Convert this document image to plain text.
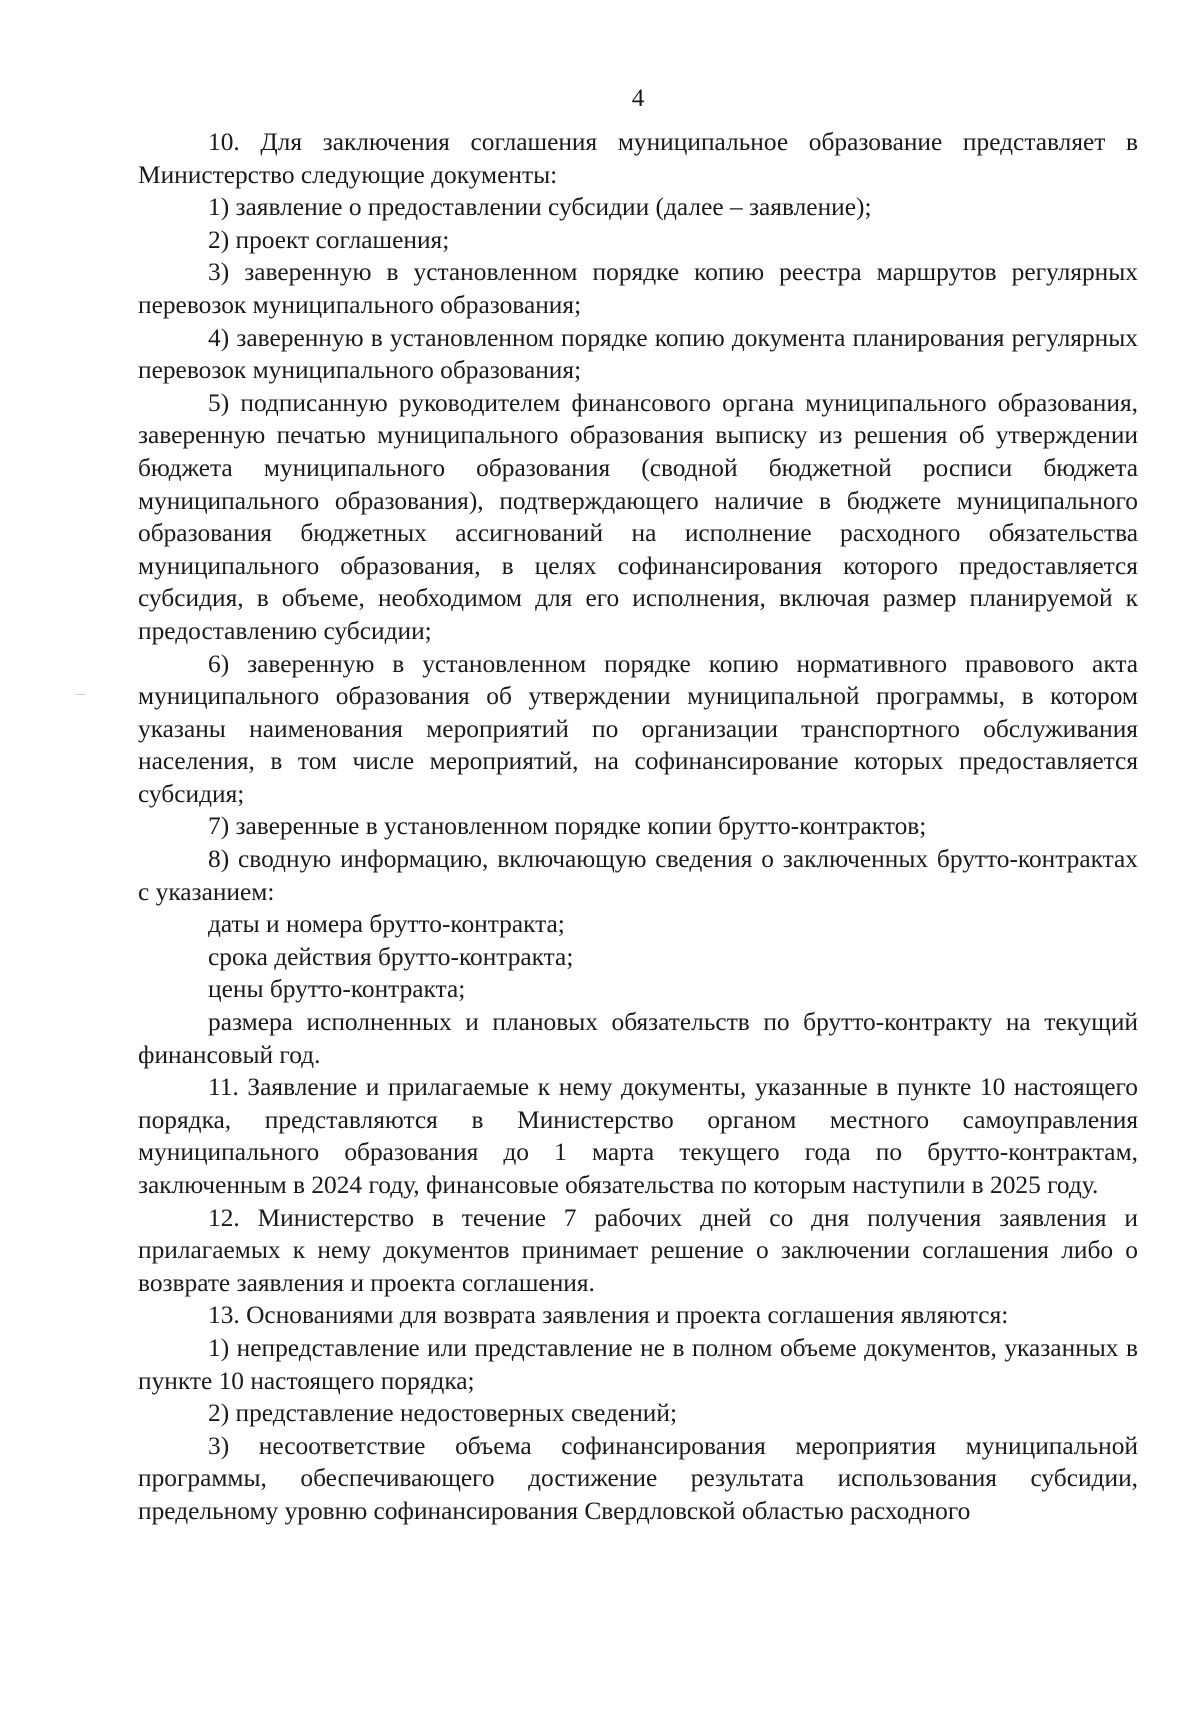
4

10. Для заключения соглашения муниципальное образование представляет в Министерство следующие документы:

1) заявление о предоставлении субсидии (далее – заявление);

2) проект соглашения;

3) заверенную в установленном порядке копию реестра маршрутов регулярных перевозок муниципального образования;

4) заверенную в установленном порядке копию документа планирования регулярных перевозок муниципального образования;

5) подписанную руководителем финансового органа муниципального образования, заверенную печатью муниципального образования выписку из решения об утверждении бюджета муниципального образования (сводной бюджетной росписи бюджета муниципального образования), подтверждающего наличие в бюджете муниципального образования бюджетных ассигнований на исполнение расходного обязательства муниципального образования, в целях софинансирования которого предоставляется субсидия, в объеме, необходимом для его исполнения, включая размер планируемой к предоставлению субсидии;

6) заверенную в установленном порядке копию нормативного правового акта муниципального образования об утверждении муниципальной программы, в котором указаны наименования мероприятий по организации транспортного обслуживания населения, в том числе мероприятий, на софинансирование которых предоставляется субсидия;

7) заверенные в установленном порядке копии брутто-контрактов;

8) сводную информацию, включающую сведения о заключенных брутто-контрактах с указанием:

даты и номера брутто-контракта;

срока действия брутто-контракта;

цены брутто-контракта;

размера исполненных и плановых обязательств по брутто-контракту на текущий финансовый год.

11. Заявление и прилагаемые к нему документы, указанные в пункте 10 настоящего порядка, представляются в Министерство органом местного самоуправления муниципального образования до 1 марта текущего года по брутто-контрактам, заключенным в 2024 году, финансовые обязательства по которым наступили в 2025 году.

12. Министерство в течение 7 рабочих дней со дня получения заявления и прилагаемых к нему документов принимает решение о заключении соглашения либо о возврате заявления и проекта соглашения.

13. Основаниями для возврата заявления и проекта соглашения являются:

1) непредставление или представление не в полном объеме документов, указанных в пункте 10 настоящего порядка;

2) представление недостоверных сведений;

3) несоответствие объема софинансирования мероприятия муниципальной программы, обеспечивающего достижение результата использования субсидии, предельному уровню софинансирования Свердловской областью расходного
